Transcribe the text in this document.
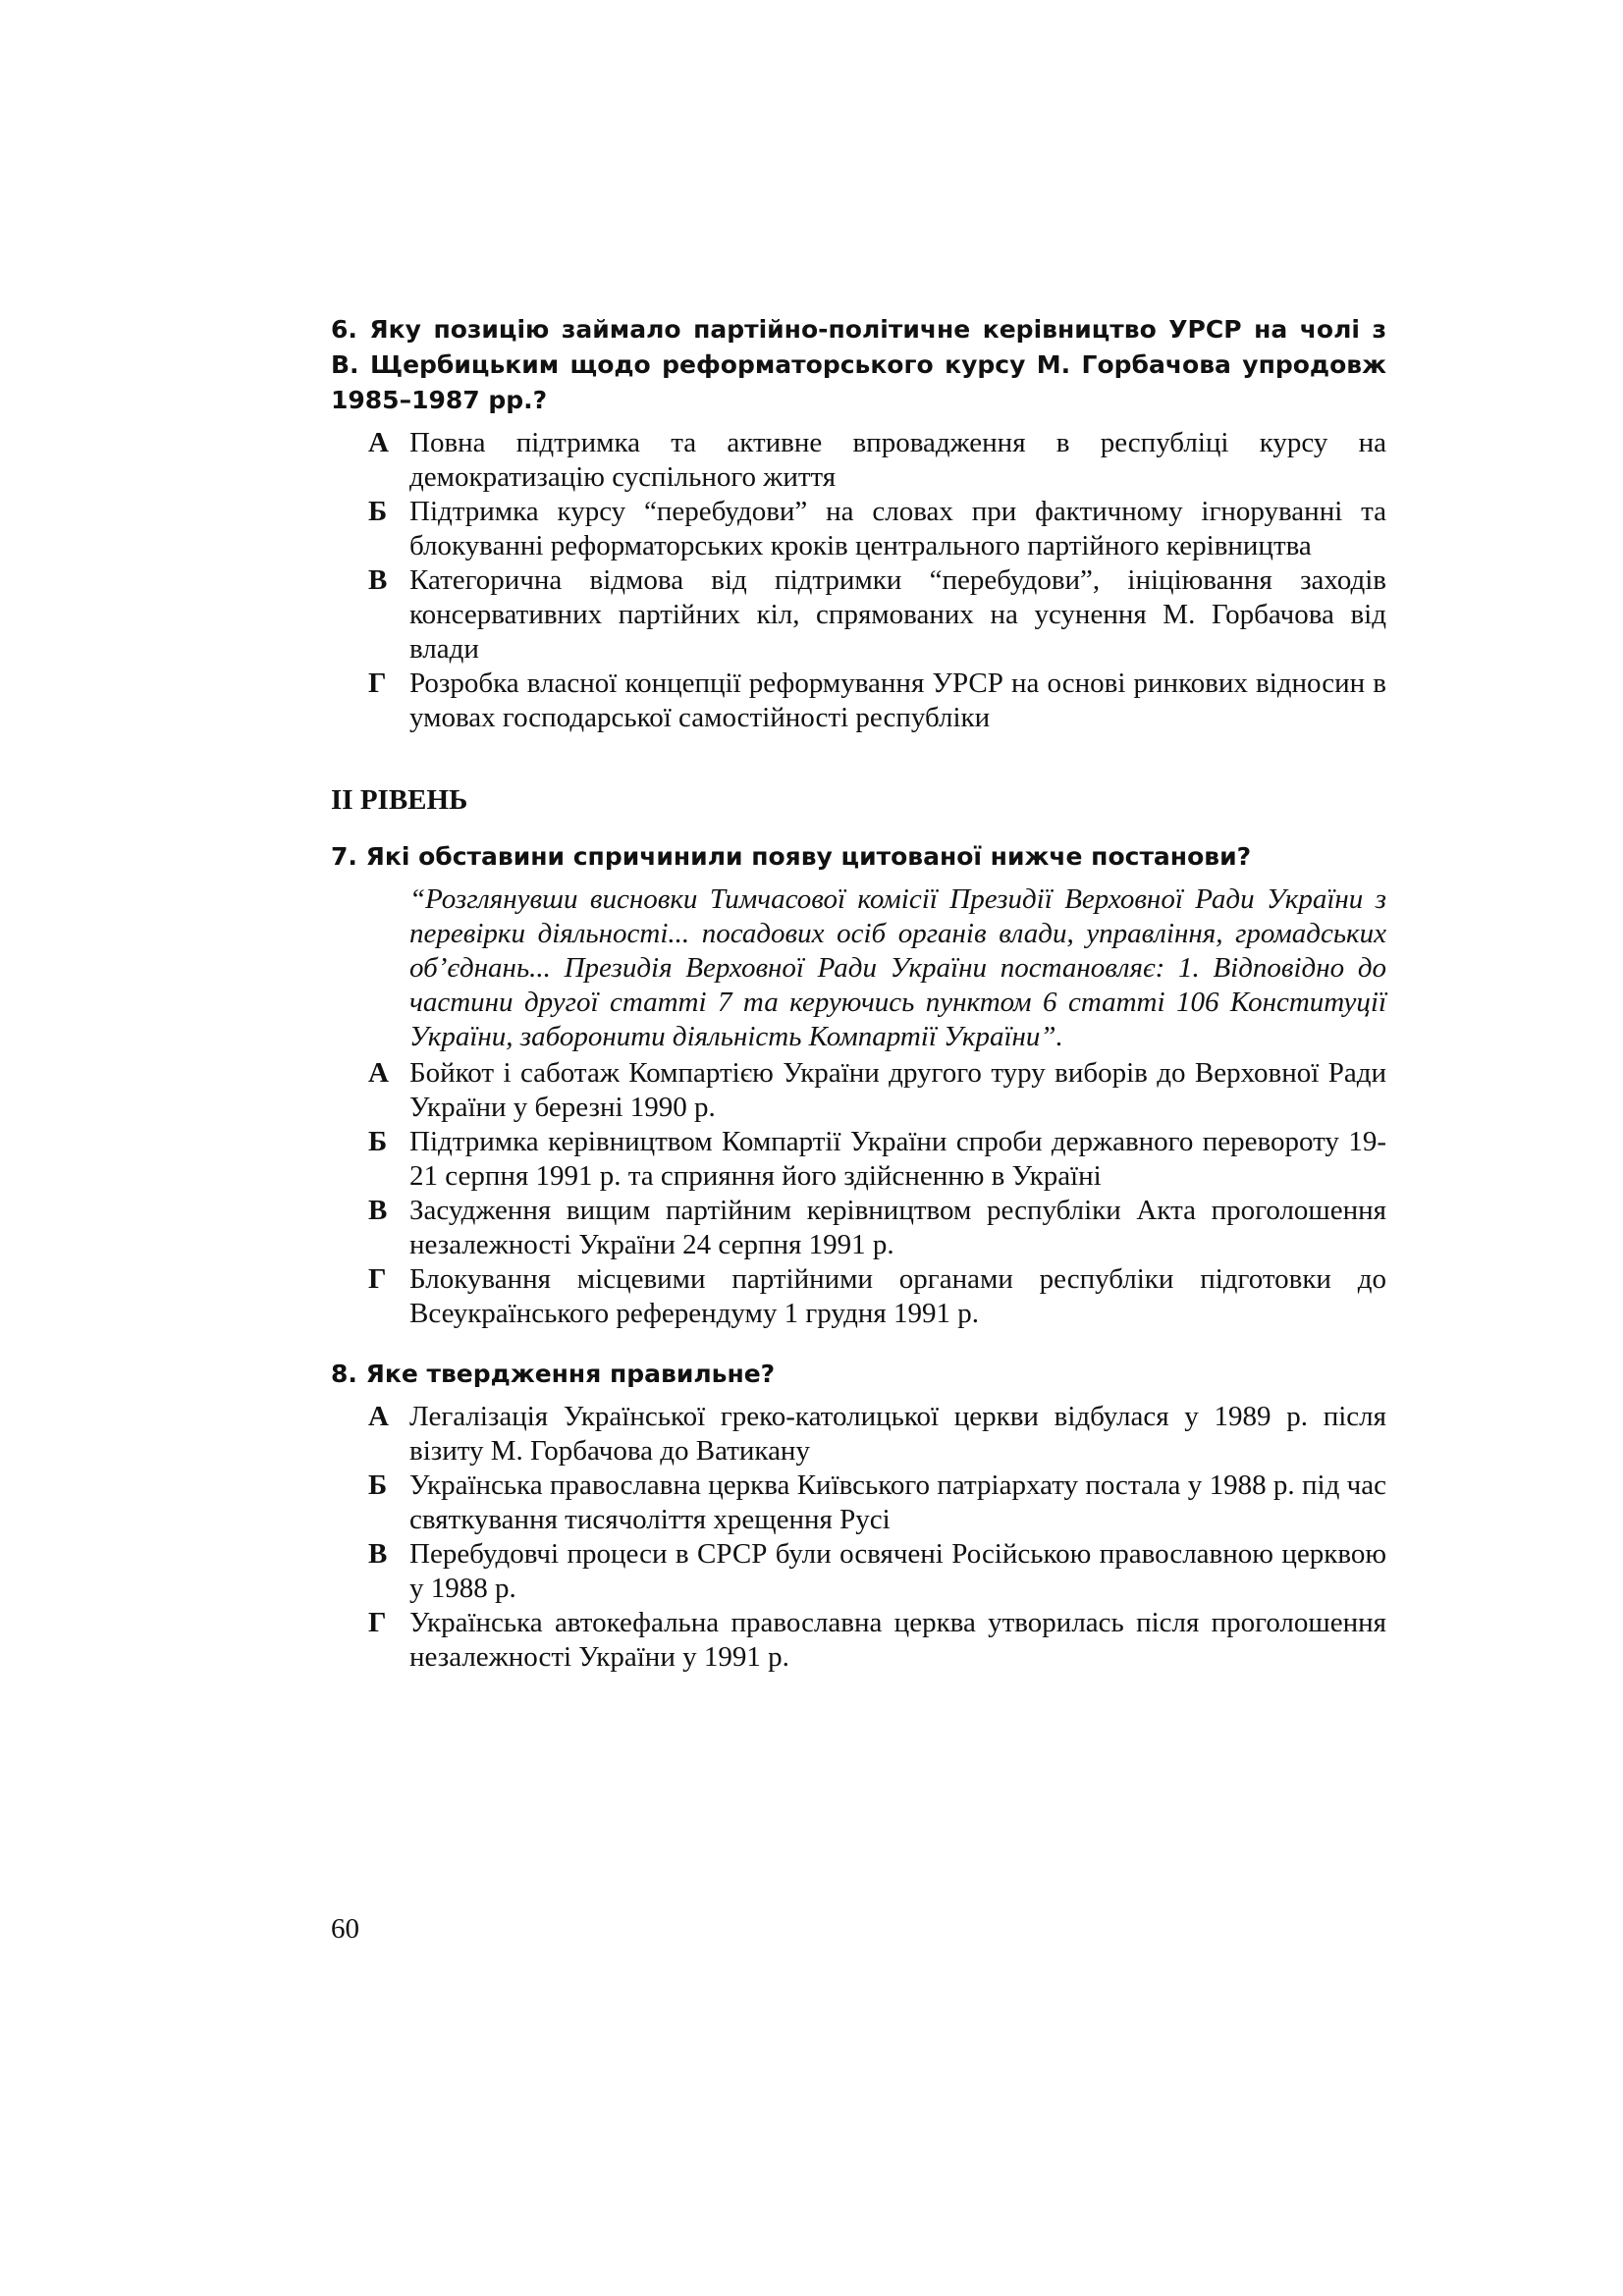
6. Яку позицію займало партійно-політичне керівництво УРСР на чолі з В. Щербицьким щодо реформаторського курсу М. Горбачова упродовж 1985–1987 рр.?

А Повна підтримка та активне впровадження в республіці курсу на демократизацію суспільного життя
Б Підтримка курсу “перебудови” на словах при фактичному ігноруванні та блокуванні реформаторських кроків центрального партійного керівництва
В Категорична відмова від підтримки “перебудови”, ініціювання заходів консервативних партійних кіл, спрямованих на усунення М. Горбачова від влади
Г Розробка власної концепції реформування УРСР на основі ринкових відносин в умовах господарської самостійності республіки
ІІ РІВЕНЬ

7. Які обставини спричинили появу цитованої нижче постанови?

“Розглянувши висновки Тимчасової комісії Президії Верховної Ради України з перевірки діяльності... посадових осіб органів влади, управління, громадських об’єднань... Президія Верховної Ради України постановляє: 1. Відповідно до частини другої статті 7 та керуючись пунктом 6 статті 106 Конституції України, заборонити діяльність Компартії України”.
А Бойкот і саботаж Компартією України другого туру виборів до Верховної Ради України у березні 1990 р.
Б Підтримка керівництвом Компартії України спроби державного перевороту 19-21 серпня 1991 р. та сприяння його здійсненню в Україні
В Засудження вищим партійним керівництвом республіки Акта проголошення незалежності України 24 серпня 1991 р.
Г Блокування місцевими партійними органами республіки підготовки до Всеукраїнського референдуму 1 грудня 1991 р.

8. Яке твердження правильне?

А Легалізація Української греко-католицької церкви відбулася у 1989 р. після візиту М. Горбачова до Ватикану
Б Українська православна церква Київського патріархату постала у 1988 р. під час святкування тисячоліття хрещення Русі
В Перебудовчі процеси в СРСР були освячені Російською православною церквою у 1988 р.
Г Українська автокефальна православна церква утворилась після проголошення незалежності України у 1991 р.
60
